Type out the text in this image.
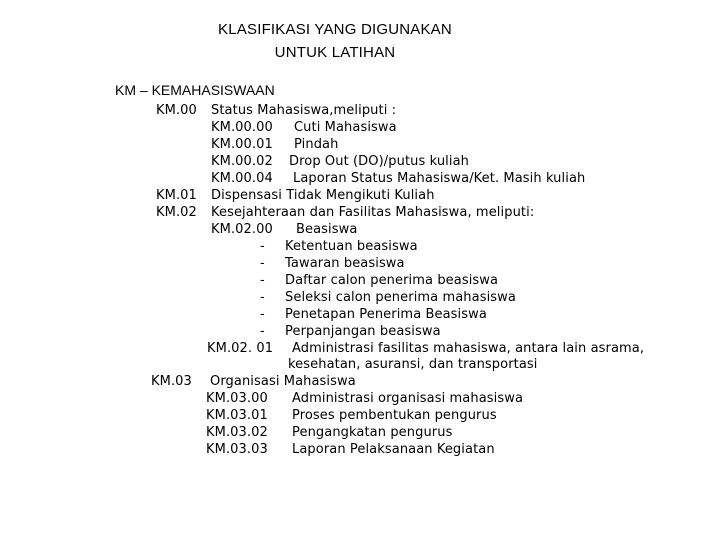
KLASIFIKASI YANG DIGUNAKAN
UNTUK LATIHAN
KM – KEMAHASISWAAN
KM.00 Status Mahasiswa,meliputi :
KM.00.00 Cuti Mahasiswa
KM.00.01 Pindah
KM.00.02 Drop Out (DO)/putus kuliah
KM.00.04 Laporan Status Mahasiswa/Ket. Masih kuliah
KM.01 Dispensasi Tidak Mengikuti Kuliah
KM.02 Kesejahteraan dan Fasilitas Mahasiswa, meliputi:
KM.02.00 Beasiswa
- Ketentuan beasiswa
- Tawaran beasiswa
- Daftar calon penerima beasiswa
- Seleksi calon penerima mahasiswa
- Penetapan Penerima Beasiswa
- Perpanjangan beasiswa
KM.02. 01 Administrasi fasilitas mahasiswa, antara lain asrama,
kesehatan, asuransi, dan transportasi
KM.03 Organisasi Mahasiswa
KM.03.00 Administrasi organisasi mahasiswa
KM.03.01 Proses pembentukan pengurus
KM.03.02 Pengangkatan pengurus
KM.03.03 Laporan Pelaksanaan Kegiatan
